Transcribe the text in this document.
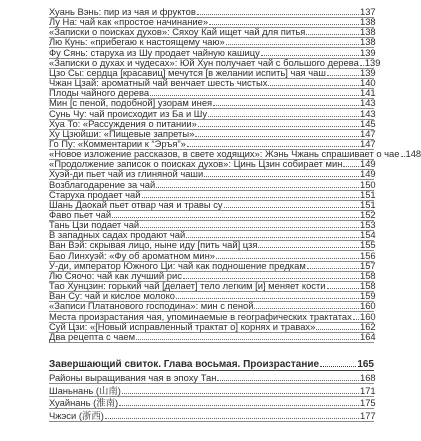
Хуань Вэнь: пир из чая и фруктов	137
Лу На: чай как «простое начинание»	138
«Записки о поисках духов»: Сяхоу Кай ищет чай для питья	138
Лю Кунь: «прибегаю к настоящему чаю»	138
Фу Сянь: старуха из Шу продает чайную кашицу	139
«Записки о духах и чудесах»: Юй Хун получает чай с большого дерева 139
Цзо Сы: сердца [красавиц] мечутся [в желании испить] чая чаш	139
Чжан Цзай: ароматный чай венчает шесть чистых	140
Плоды чайного дерева	141
Мин [с пеной, подобной] узорам инея	143
Сунь Чу: чай происходит из Ба и Шу	143
Хуа То: «Рассуждения о питании»	145
Ху Цзюйши: «Пищевые запреты»	147
Го Пу: «Комментарии к “Эръя”»	147
«Новое изложение рассказов, в свете ходящих»: Жэнь Чжань спрашивает о чае 148
«Продолжение записок о поисках духов»: Цинь Цзин собирает мин 149
Хуэй-ди пьет чай из глиняной чаши	149
Возблагодарение за чай	150
Старуха продает чай	151
Шань Даокай пьет отвар чая и травы су	151
Фаво пьет чай	152
Тань Цзи подает чай	153
В западных садах продают чай	154
Ван Вэй: скрывая лицо, ныне иду [пить чай] цзя	155
Бао Линхуэй: «Фу об ароматном мин»	156
У-ди, император Южного Ци: чай как подношение предкам	157
Лю Сяочо: чай как лучший рис	158
Тао Хунцзин: горький чай [делает] тело легким [и] меняет кости	158
Ван Су: чай и кислое молоко	159
«Записи Платанового господина»: мин с пеной	160
Места произрастания чая, упоминаемые в географических трактатах 160
Суй Цзи: «[Новый исправленный трактат о] корнях и травах»	162
Два рецепта с чаем	164
Завершающий свиток. Глава восьмая. Произрастание	165
Районы выращивания чая в эпоху Тан	168
Шаньнань (山南)	171
Хуайнань (淮南)	175
Чжэси (浙西)	177
